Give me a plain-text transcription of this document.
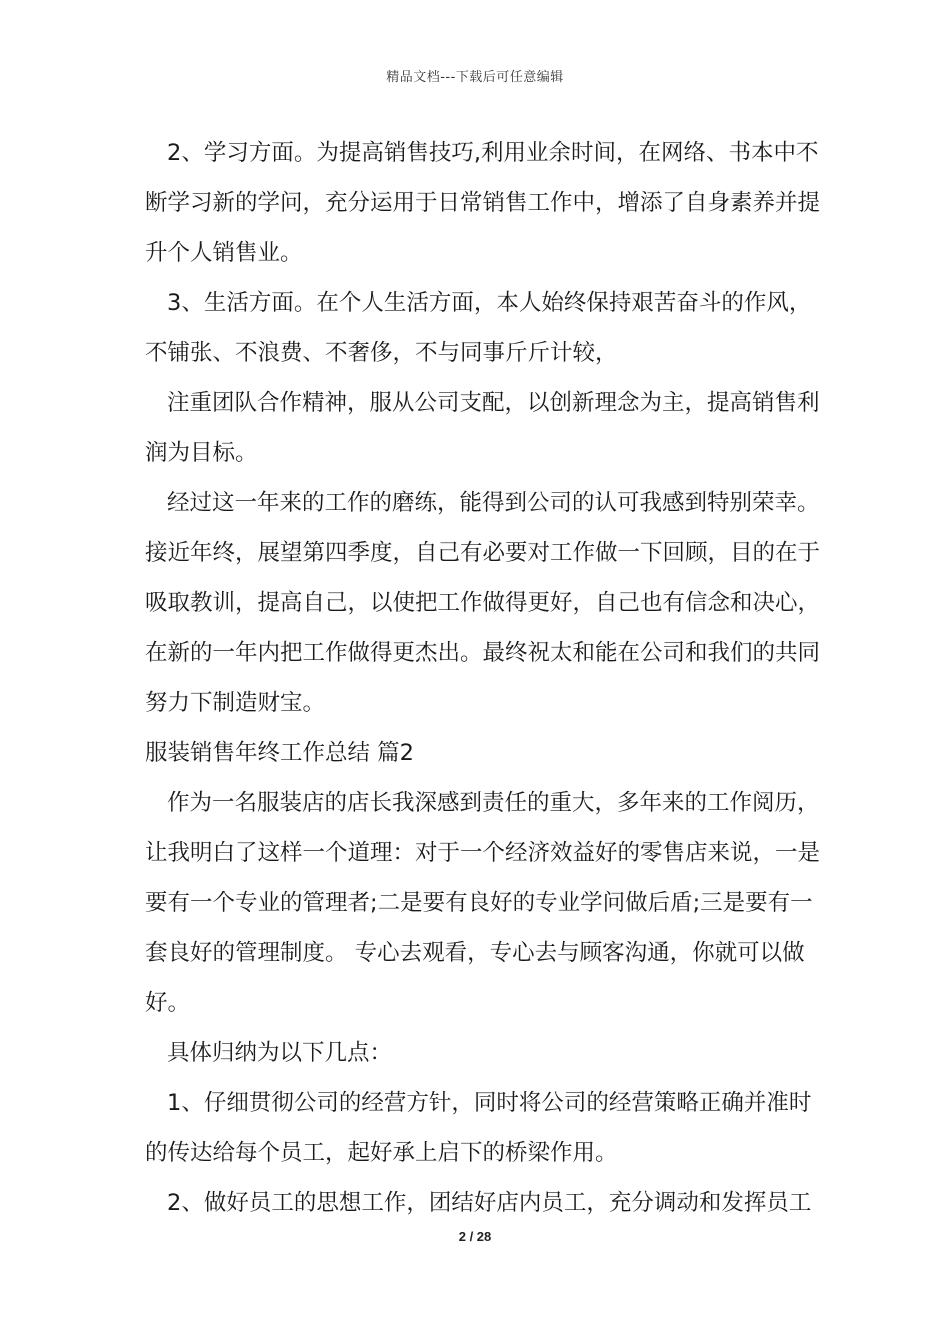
精品文档---下载后可任意编辑

2、学习方面。为提高销售技巧,利用业余时间，在网络、书本中不断学习新的学问，充分运用于日常销售工作中，增添了自身素养并提升个人销售业。

3、生活方面。在个人生活方面，本人始终保持艰苦奋斗的作风，不铺张、不浪费、不奢侈，不与同事斤斤计较，

注重团队合作精神，服从公司支配，以创新理念为主，提高销售利润为目标。

经过这一年来的工作的磨练，能得到公司的认可我感到特别荣幸。接近年终，展望第四季度，自己有必要对工作做一下回顾，目的在于吸取教训，提高自己，以使把工作做得更好，自己也有信念和决心，在新的一年内把工作做得更杰出。最终祝太和能在公司和我们的共同努力下制造财宝。

服装销售年终工作总结 篇2

作为一名服装店的店长我深感到责任的重大，多年来的工作阅历，让我明白了这样一个道理：对于一个经济效益好的零售店来说，一是要有一个专业的管理者;二是要有良好的专业学问做后盾;三是要有一套良好的管理制度。 专心去观看，专心去与顾客沟通，你就可以做好。

具体归纳为以下几点：

1、仔细贯彻公司的经营方针，同时将公司的经营策略正确并准时的传达给每个员工，起好承上启下的桥梁作用。

2、做好员工的思想工作，团结好店内员工，充分调动和发挥员工

2 / 28
